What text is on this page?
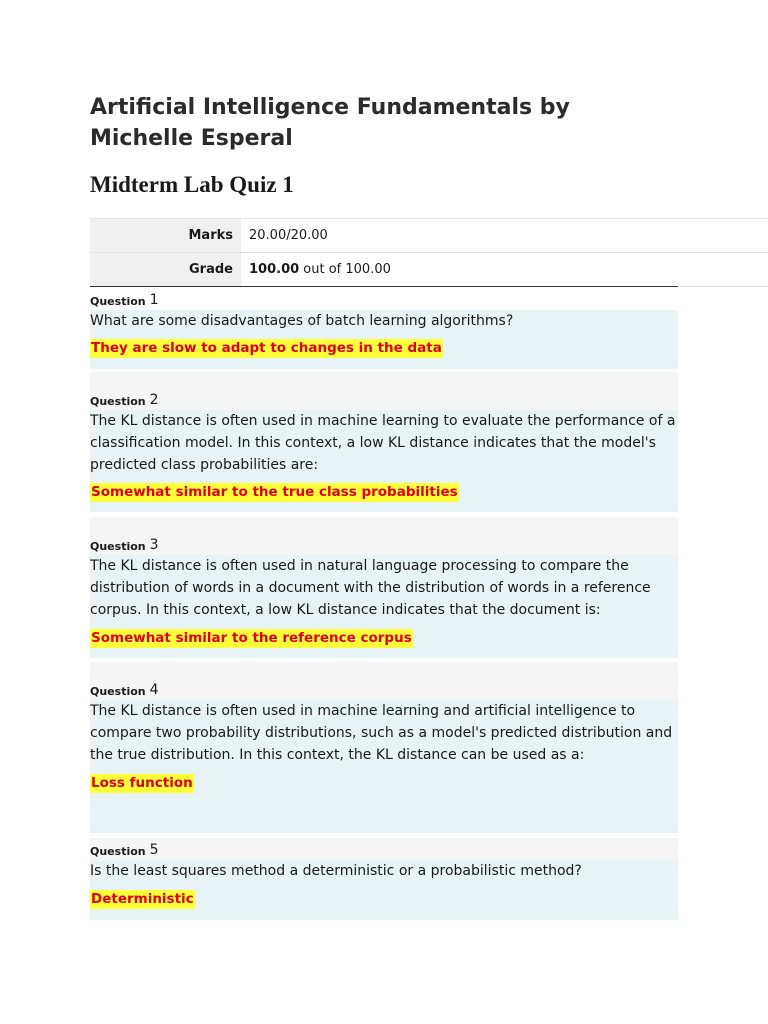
Artificial Intelligence Fundamentals by Michelle Esperal
Midterm Lab Quiz 1
Marks	20.00/20.00
Grade	100.00 out of 100.00
Question 1
What are some disadvantages of batch learning algorithms?
They are slow to adapt to changes in the data
Question 2
The KL distance is often used in machine learning to evaluate the performance of a classification model. In this context, a low KL distance indicates that the model's predicted class probabilities are:
Somewhat similar to the true class probabilities
Question 3
The KL distance is often used in natural language processing to compare the distribution of words in a document with the distribution of words in a reference corpus. In this context, a low KL distance indicates that the document is:
Somewhat similar to the reference corpus
Question 4
The KL distance is often used in machine learning and artificial intelligence to compare two probability distributions, such as a model's predicted distribution and the true distribution. In this context, the KL distance can be used as a:
Loss function
Question 5
Is the least squares method a deterministic or a probabilistic method?
Deterministic
